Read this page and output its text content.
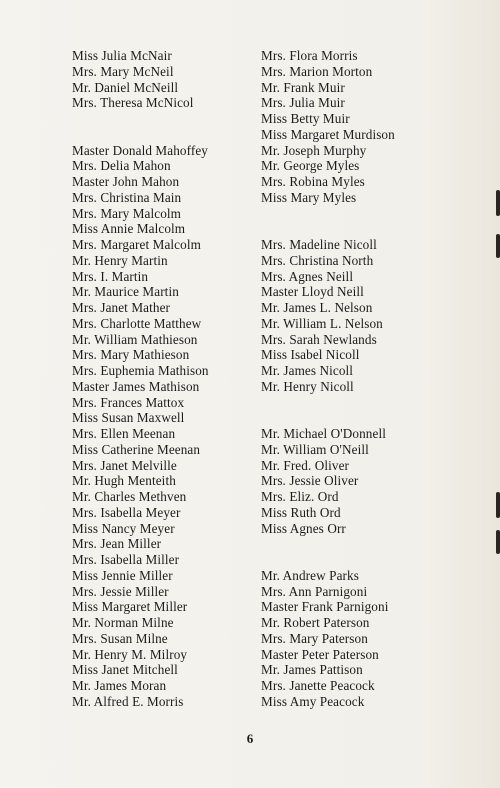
Miss Julia McNair
Mrs. Mary McNeil
Mr. Daniel McNeill
Mrs. Theresa McNicol
Master Donald Mahoffey
Mrs. Delia Mahon
Master John Mahon
Mrs. Christina Main
Mrs. Mary Malcolm
Miss Annie Malcolm
Mrs. Margaret Malcolm
Mr. Henry Martin
Mrs. I. Martin
Mr. Maurice Martin
Mrs. Janet Mather
Mrs. Charlotte Matthew
Mr. William Mathieson
Mrs. Mary Mathieson
Mrs. Euphemia Mathison
Master James Mathison
Mrs. Frances Mattox
Miss Susan Maxwell
Mrs. Ellen Meenan
Miss Catherine Meenan
Mrs. Janet Melville
Mr. Hugh Menteith
Mr. Charles Methven
Mrs. Isabella Meyer
Miss Nancy Meyer
Mrs. Jean Miller
Mrs. Isabella Miller
Miss Jennie Miller
Mrs. Jessie Miller
Miss Margaret Miller
Mr. Norman Milne
Mrs. Susan Milne
Mr. Henry M. Milroy
Miss Janet Mitchell
Mr. James Moran
Mr. Alfred E. Morris
Mrs. Flora Morris
Mrs. Marion Morton
Mr. Frank Muir
Mrs. Julia Muir
Miss Betty Muir
Miss Margaret Murdison
Mr. Joseph Murphy
Mr. George Myles
Mrs. Robina Myles
Miss Mary Myles
Mrs. Madeline Nicoll
Mrs. Christina North
Mrs. Agnes Neill
Master Lloyd Neill
Mr. James L. Nelson
Mr. William L. Nelson
Mrs. Sarah Newlands
Miss Isabel Nicoll
Mr. James Nicoll
Mr. Henry Nicoll
Mr. Michael O'Donnell
Mr. William O'Neill
Mr. Fred. Oliver
Mrs. Jessie Oliver
Mrs. Eliz. Ord
Miss Ruth Ord
Miss Agnes Orr
Mr. Andrew Parks
Mrs. Ann Parnigoni
Master Frank Parnigoni
Mr. Robert Paterson
Mrs. Mary Paterson
Master Peter Paterson
Mr. James Pattison
Mrs. Janette Peacock
Miss Amy Peacock
6
